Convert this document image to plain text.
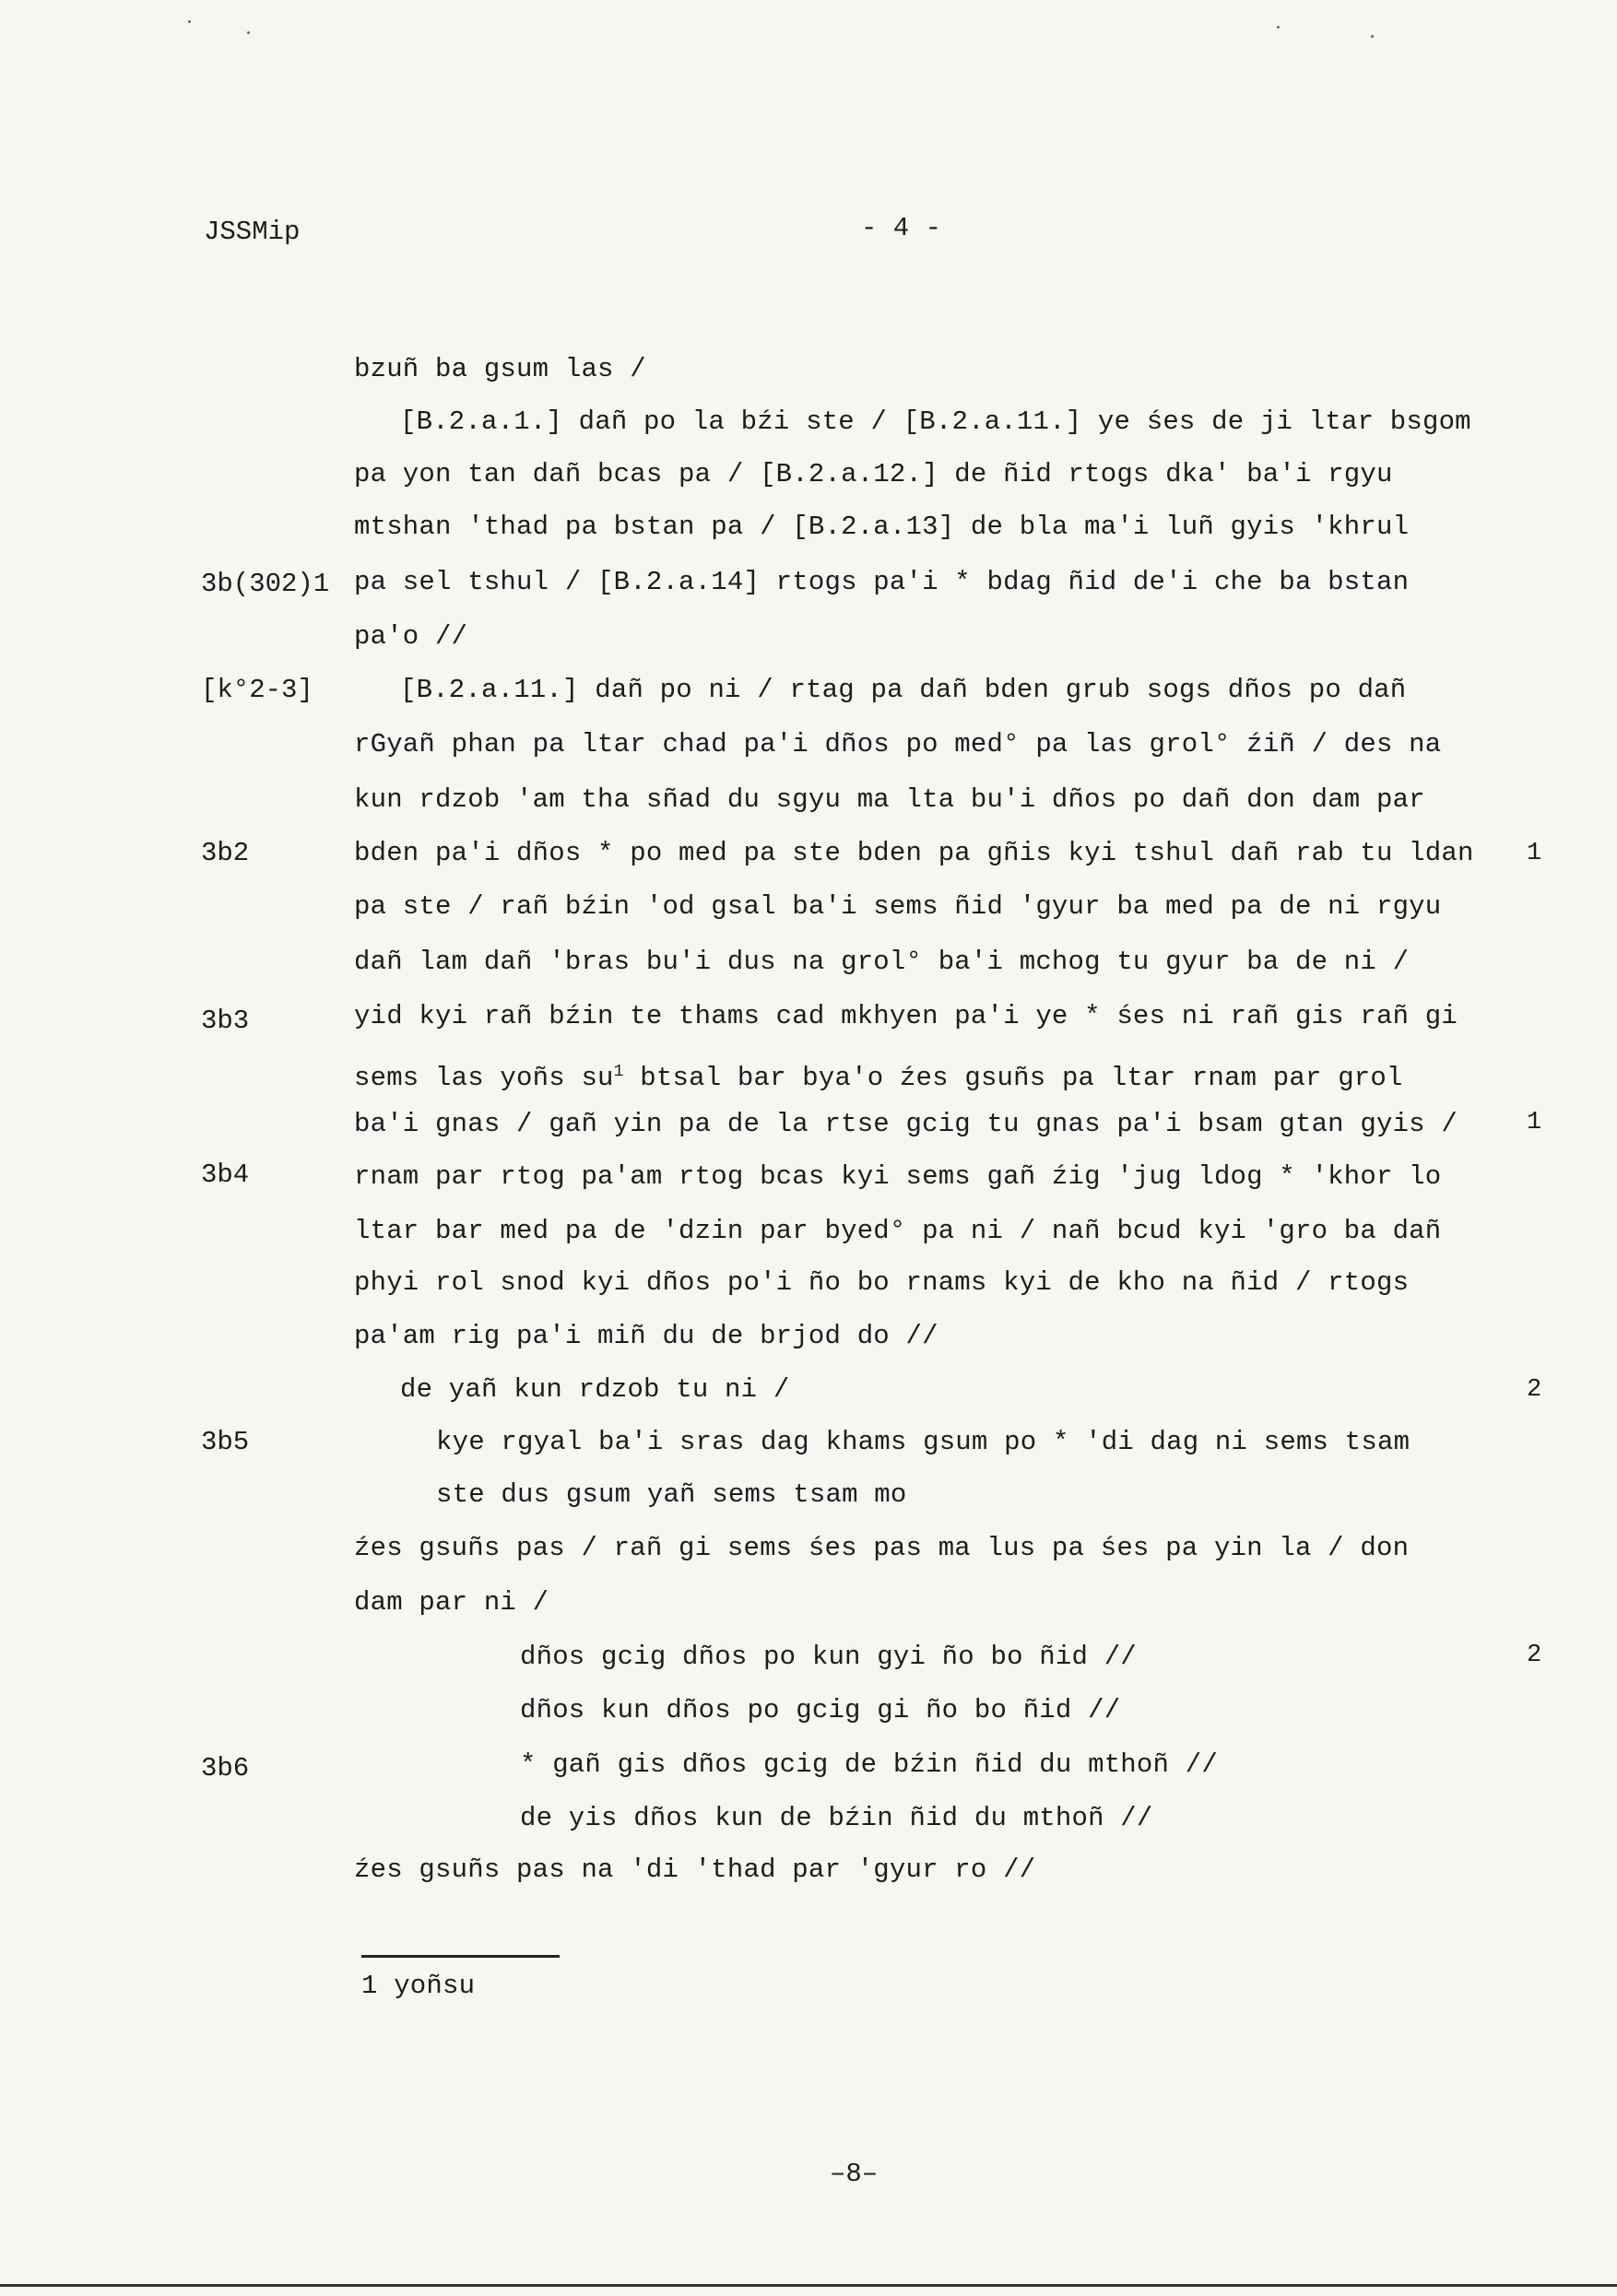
JSSMip	- 4 -
3b(302)1
[k°2-3]
3b2
3b3
3b4
3b5
3b6
1
1
2
2
bzuñ ba gsum las /
[B.2.a.1.] dañ po la bźi ste / [B.2.a.11.] ye śes de ji ltar bsgom
pa yon tan dañ bcas pa / [B.2.a.12.] de ñid rtogs dka' ba'i rgyu
mtshan 'thad pa bstan pa / [B.2.a.13] de bla ma'i luñ gyis 'khrul
pa sel tshul / [B.2.a.14] rtogs pa'i * bdag ñid de'i che ba bstan
pa'o //
[B.2.a.11.] dañ po ni / rtag pa dañ bden grub sogs dños po dañ
rGyañ phan pa ltar chad pa'i dños po med° pa las grol° źiñ / des na
kun rdzob 'am tha sñad du sgyu ma lta bu'i dños po dañ don dam par
bden pa'i dños * po med pa ste bden pa gñis kyi tshul dañ rab tu ldan
pa ste / rañ bźin 'od gsal ba'i sems ñid 'gyur ba med pa de ni rgyu
dañ lam dañ 'bras bu'i dus na grol° ba'i mchog tu gyur ba de ni /
yid kyi rañ bźin te thams cad mkhyen pa'i ye * śes ni rañ gis rañ gi
sems las yoñs $su^1$ btsal bar bya'o źes gsuñs pa ltar rnam par grol
ba'i gnas / gañ yin pa de la rtse gcig tu gnas pa'i bsam gtan gyis /
rnam par rtog pa'am rtog bcas kyi sems gañ źig 'jug ldog * 'khor lo
ltar bar med pa de 'dzin par byed° pa ni / nañ bcud kyi 'gro ba dañ
phyi rol snod kyi dños po'i ño bo rnams kyi de kho na ñid / rtogs
pa'am rig pa'i miñ du de brjod do //
de yañ kun rdzob tu ni /
kye rgyal ba'i sras dag khams gsum po * 'di dag ni sems tsam
ste dus gsum yañ sems tsam mo
źes gsuñs pas / rañ gi sems śes pas ma lus pa śes pa yin la / don
dam par ni /
dños gcig dños po kun gyi ño bo ñid //
dños kun dños po gcig gi ño bo ñid //
* gañ gis dños gcig de bźin ñid du mthoñ //
de yis dños kun de bźin ñid du mthoñ //
źes gsuñs pas na 'di 'thad par 'gyur ro //
1 yoñsu
–8–
